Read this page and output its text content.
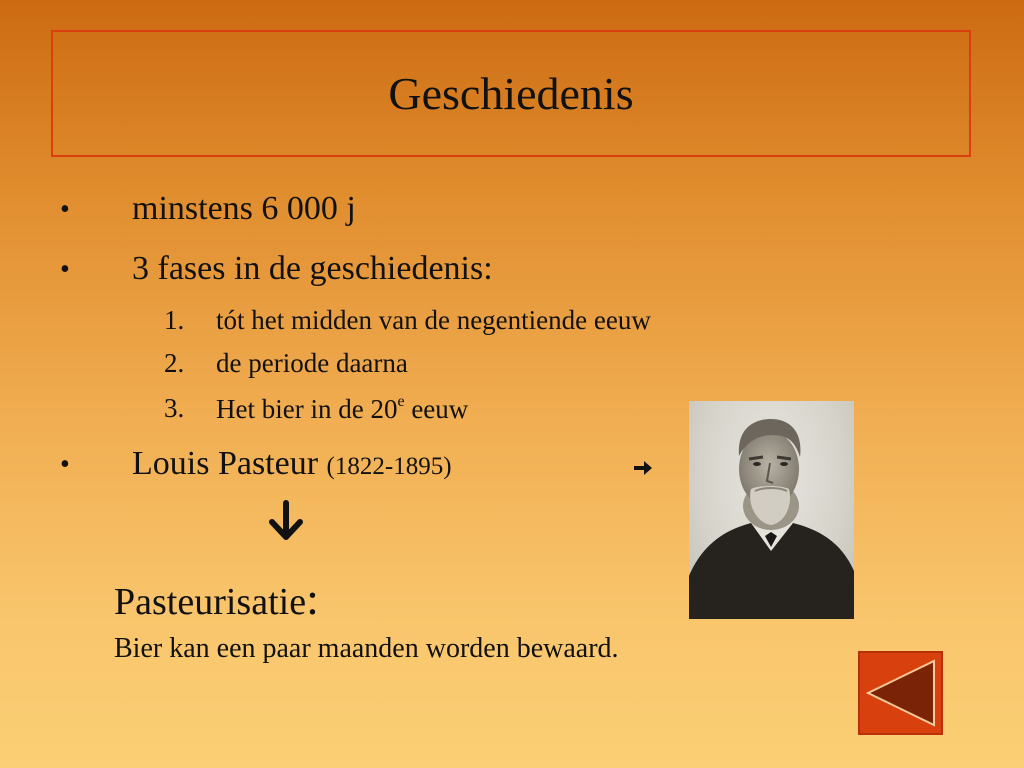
Geschiedenis
• minstens 6 000 j
• 3 fases in de geschiedenis:
1. tót het midden van de negentiende eeuw
2. de periode daarna
3. Het bier in de 20e eeuw
• Louis Pasteur (1822-1895)
Pasteurisatie:
Bier kan een paar maanden worden bewaard.
